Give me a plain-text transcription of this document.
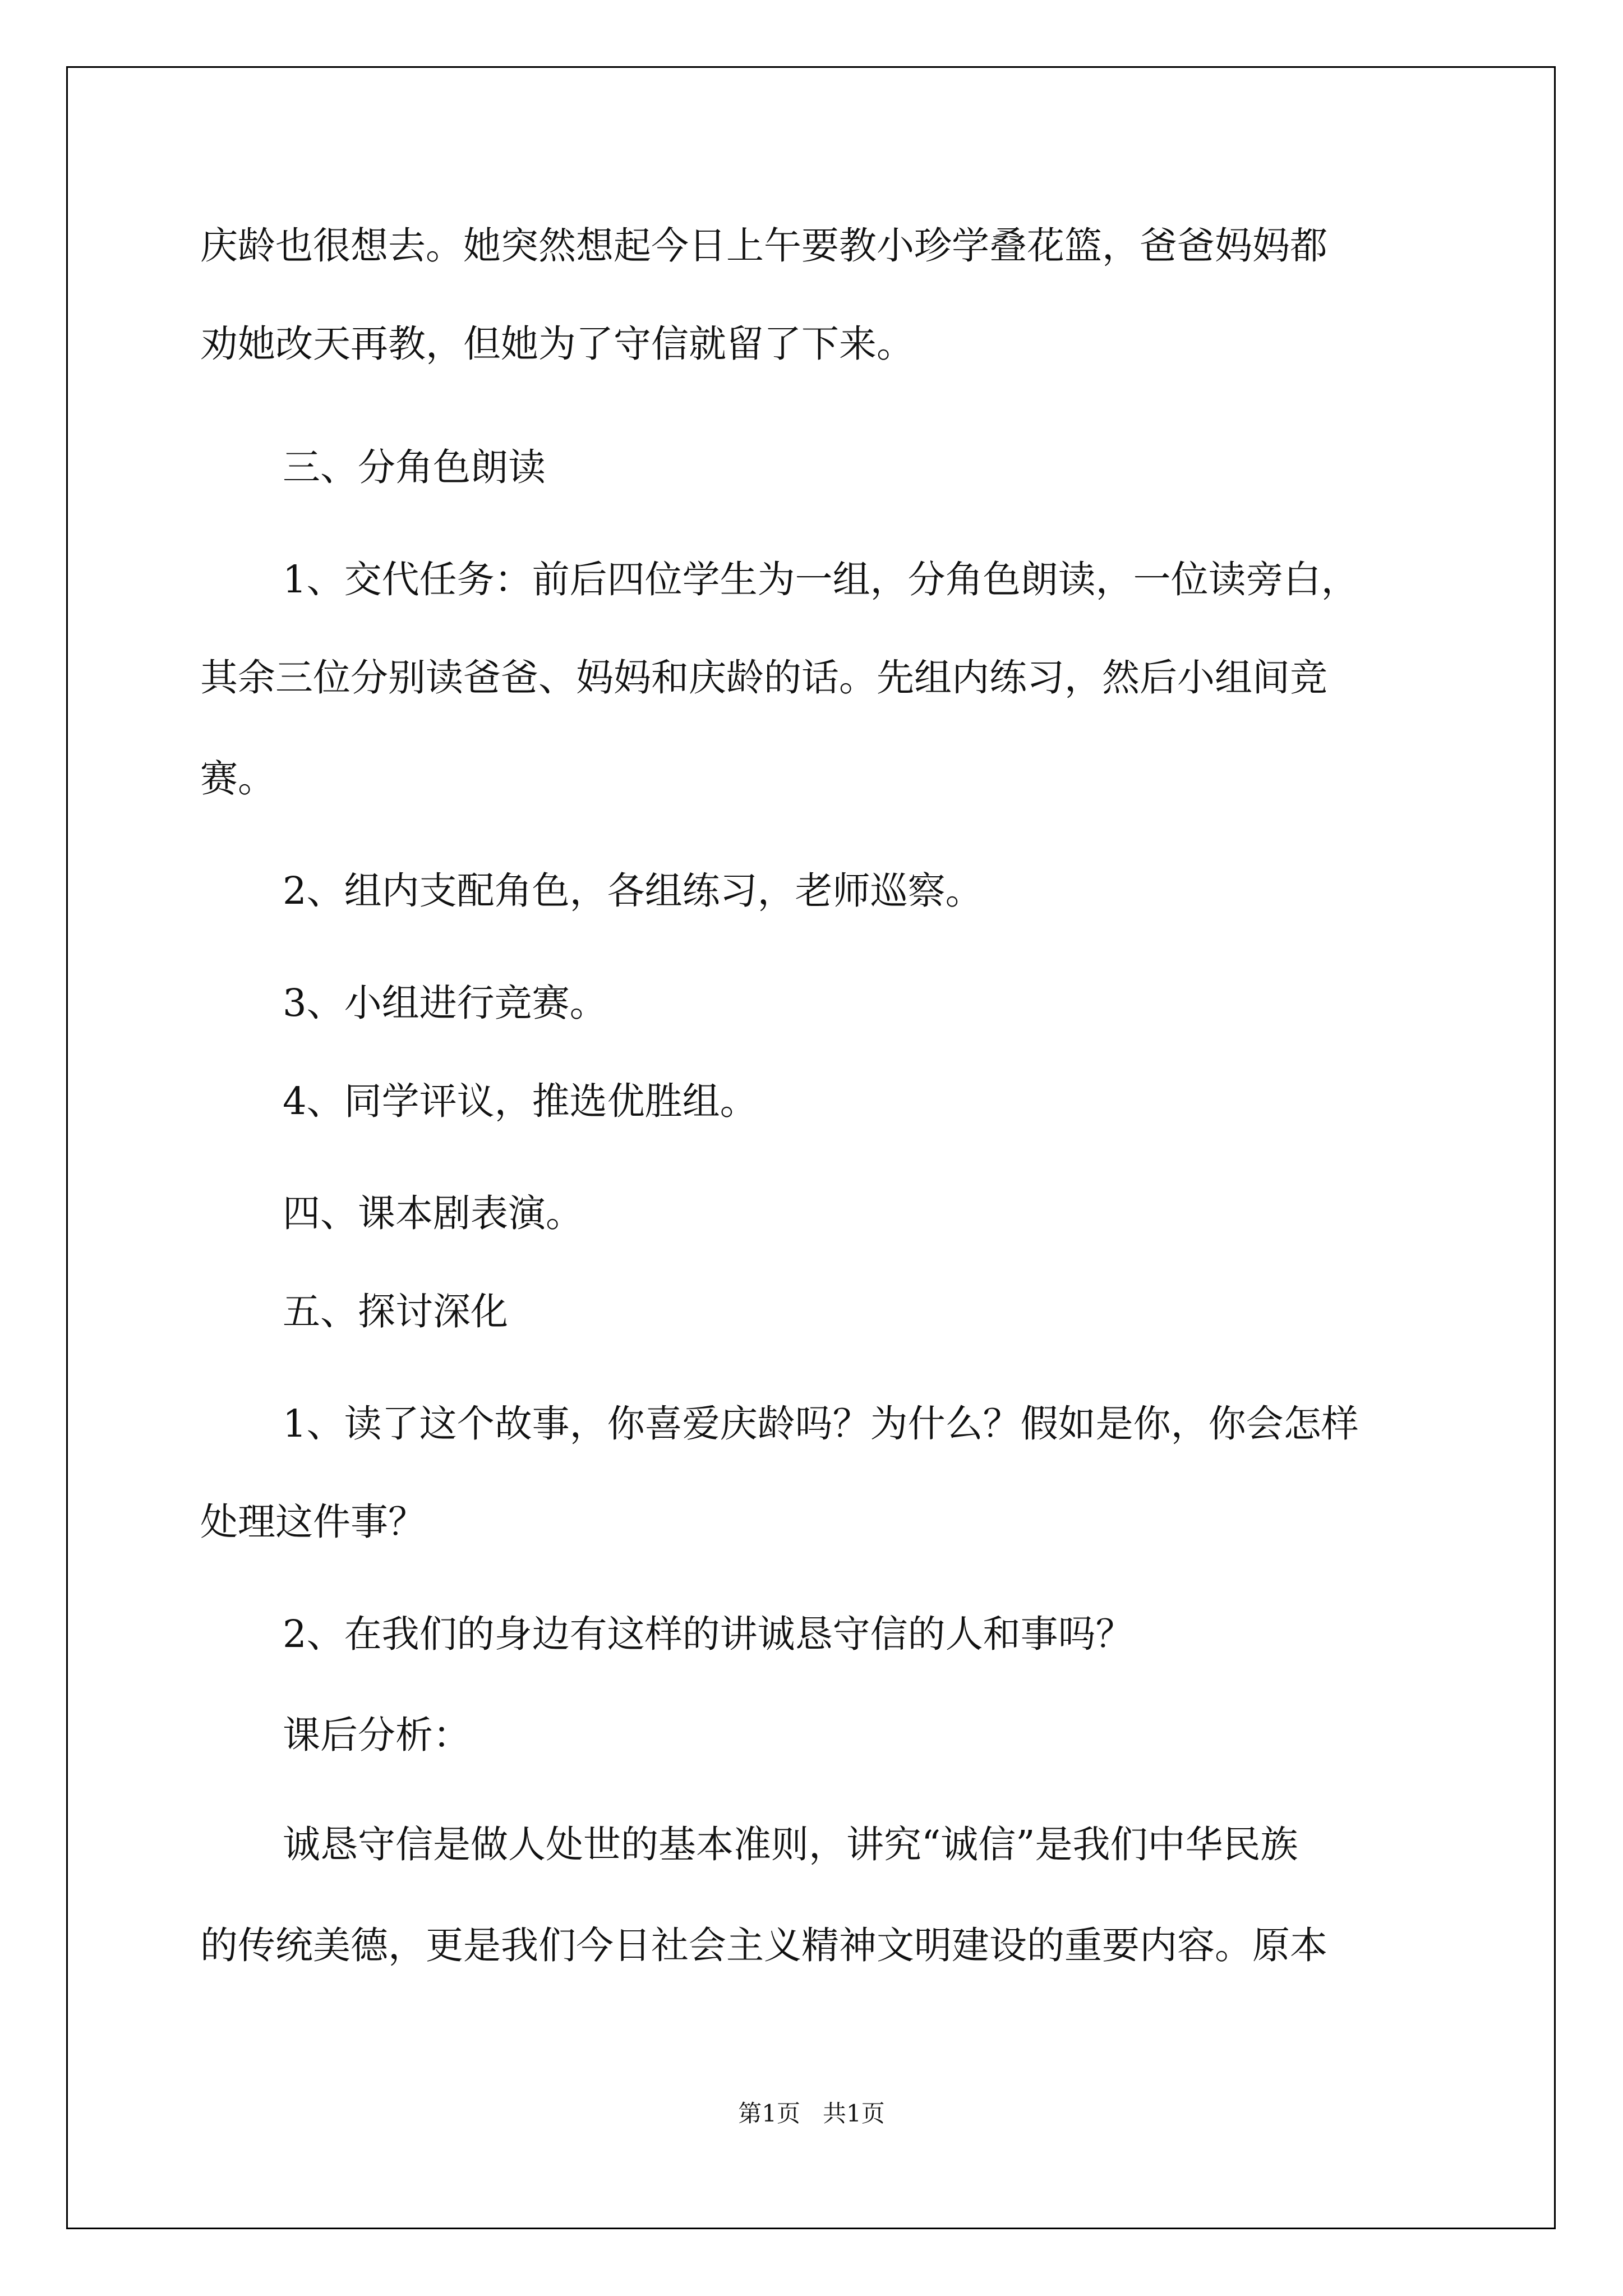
庆龄也很想去。她突然想起今日上午要教小珍学叠花篮，爸爸妈妈都
劝她改天再教，但她为了守信就留了下来。
三、分角色朗读
1、交代任务：前后四位学生为一组，分角色朗读，一位读旁白，
其余三位分别读爸爸、妈妈和庆龄的话。先组内练习，然后小组间竞
赛。
2、组内支配角色，各组练习，老师巡察。
3、小组进行竞赛。
4、同学评议，推选优胜组。
四、课本剧表演。
五、探讨深化
1、读了这个故事，你喜爱庆龄吗？为什么？假如是你，你会怎样
处理这件事？
2、在我们的身边有这样的讲诚恳守信的人和事吗？
课后分析：
诚恳守信是做人处世的基本准则，讲究“诚信”是我们中华民族
的传统美德，更是我们今日社会主义精神文明建设的重要内容。原本
第1页   共1页
